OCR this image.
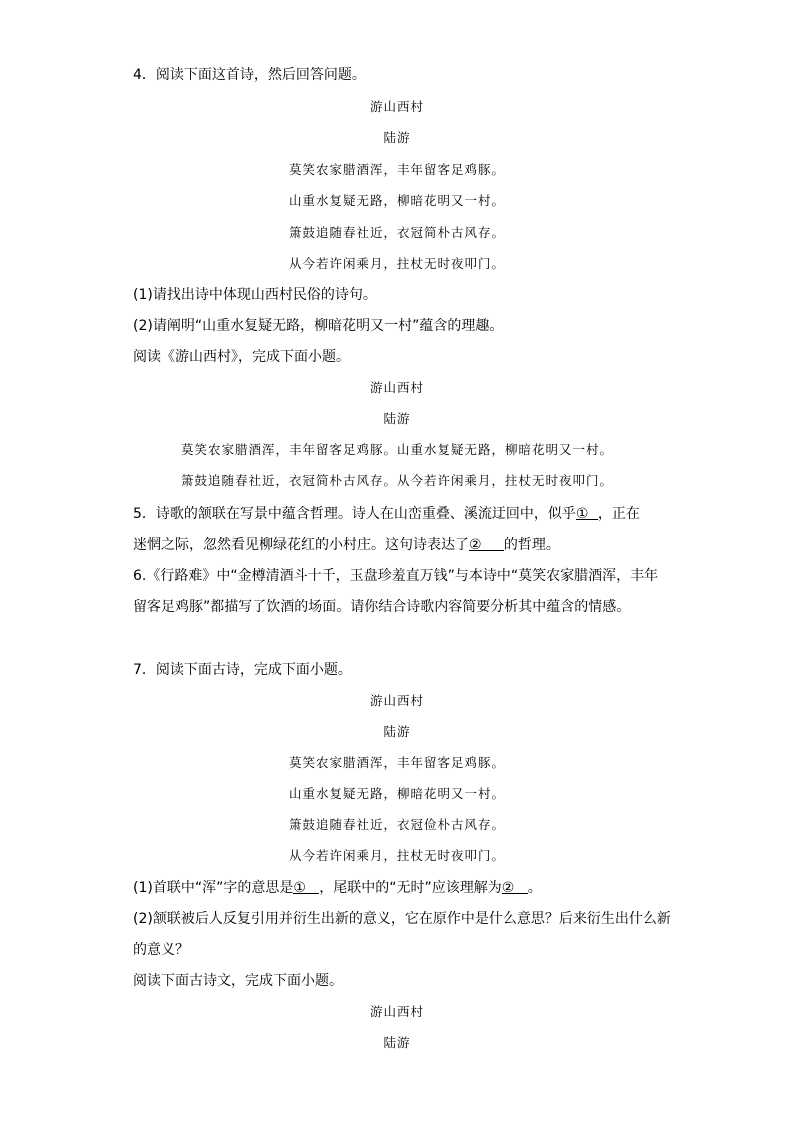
4．阅读下面这首诗，然后回答问题。
游山西村
陆游
莫笑农家腊酒浑，丰年留客足鸡豚。
山重水复疑无路，柳暗花明又一村。
箫鼓追随春社近，衣冠简朴古风存。
从今若许闲乘月，拄杖无时夜叩门。
(1)请找出诗中体现山西村民俗的诗句。
(2)请阐明“山重水复疑无路，柳暗花明又一村”蕴含的理趣。
阅读《游山西村》，完成下面小题。
游山西村
陆游
莫笑农家腊酒浑，丰年留客足鸡豚。山重水复疑无路，柳暗花明又一村。
箫鼓追随春社近，衣冠简朴古风存。从今若许闲乘月，拄杖无时夜叩门。
5．诗歌的颔联在写景中蕴含哲理。诗人在山峦重叠、溪流迂回中，似乎① ，正在
迷惘之际，忽然看见柳绿花红的小村庄。这句诗表达了② 的哲理。
6.《行路难》中“金樽清酒斗十千，玉盘珍羞直万钱”与本诗中“莫笑农家腊酒浑，丰年
留客足鸡豚”都描写了饮酒的场面。请你结合诗歌内容简要分析其中蕴含的情感。
7．阅读下面古诗，完成下面小题。
游山西村
陆游
莫笑农家腊酒浑，丰年留客足鸡豚。
山重水复疑无路，柳暗花明又一村。
箫鼓追随春社近，衣冠俭朴古风存。
从今若许闲乘月，拄杖无时夜叩门。
(1)首联中“浑”字的意思是① ，尾联中的“无时”应该理解为② 。
(2)颔联被后人反复引用并衍生出新的意义，它在原作中是什么意思？后来衍生出什么新
的意义？
阅读下面古诗文，完成下面小题。
游山西村
陆游
